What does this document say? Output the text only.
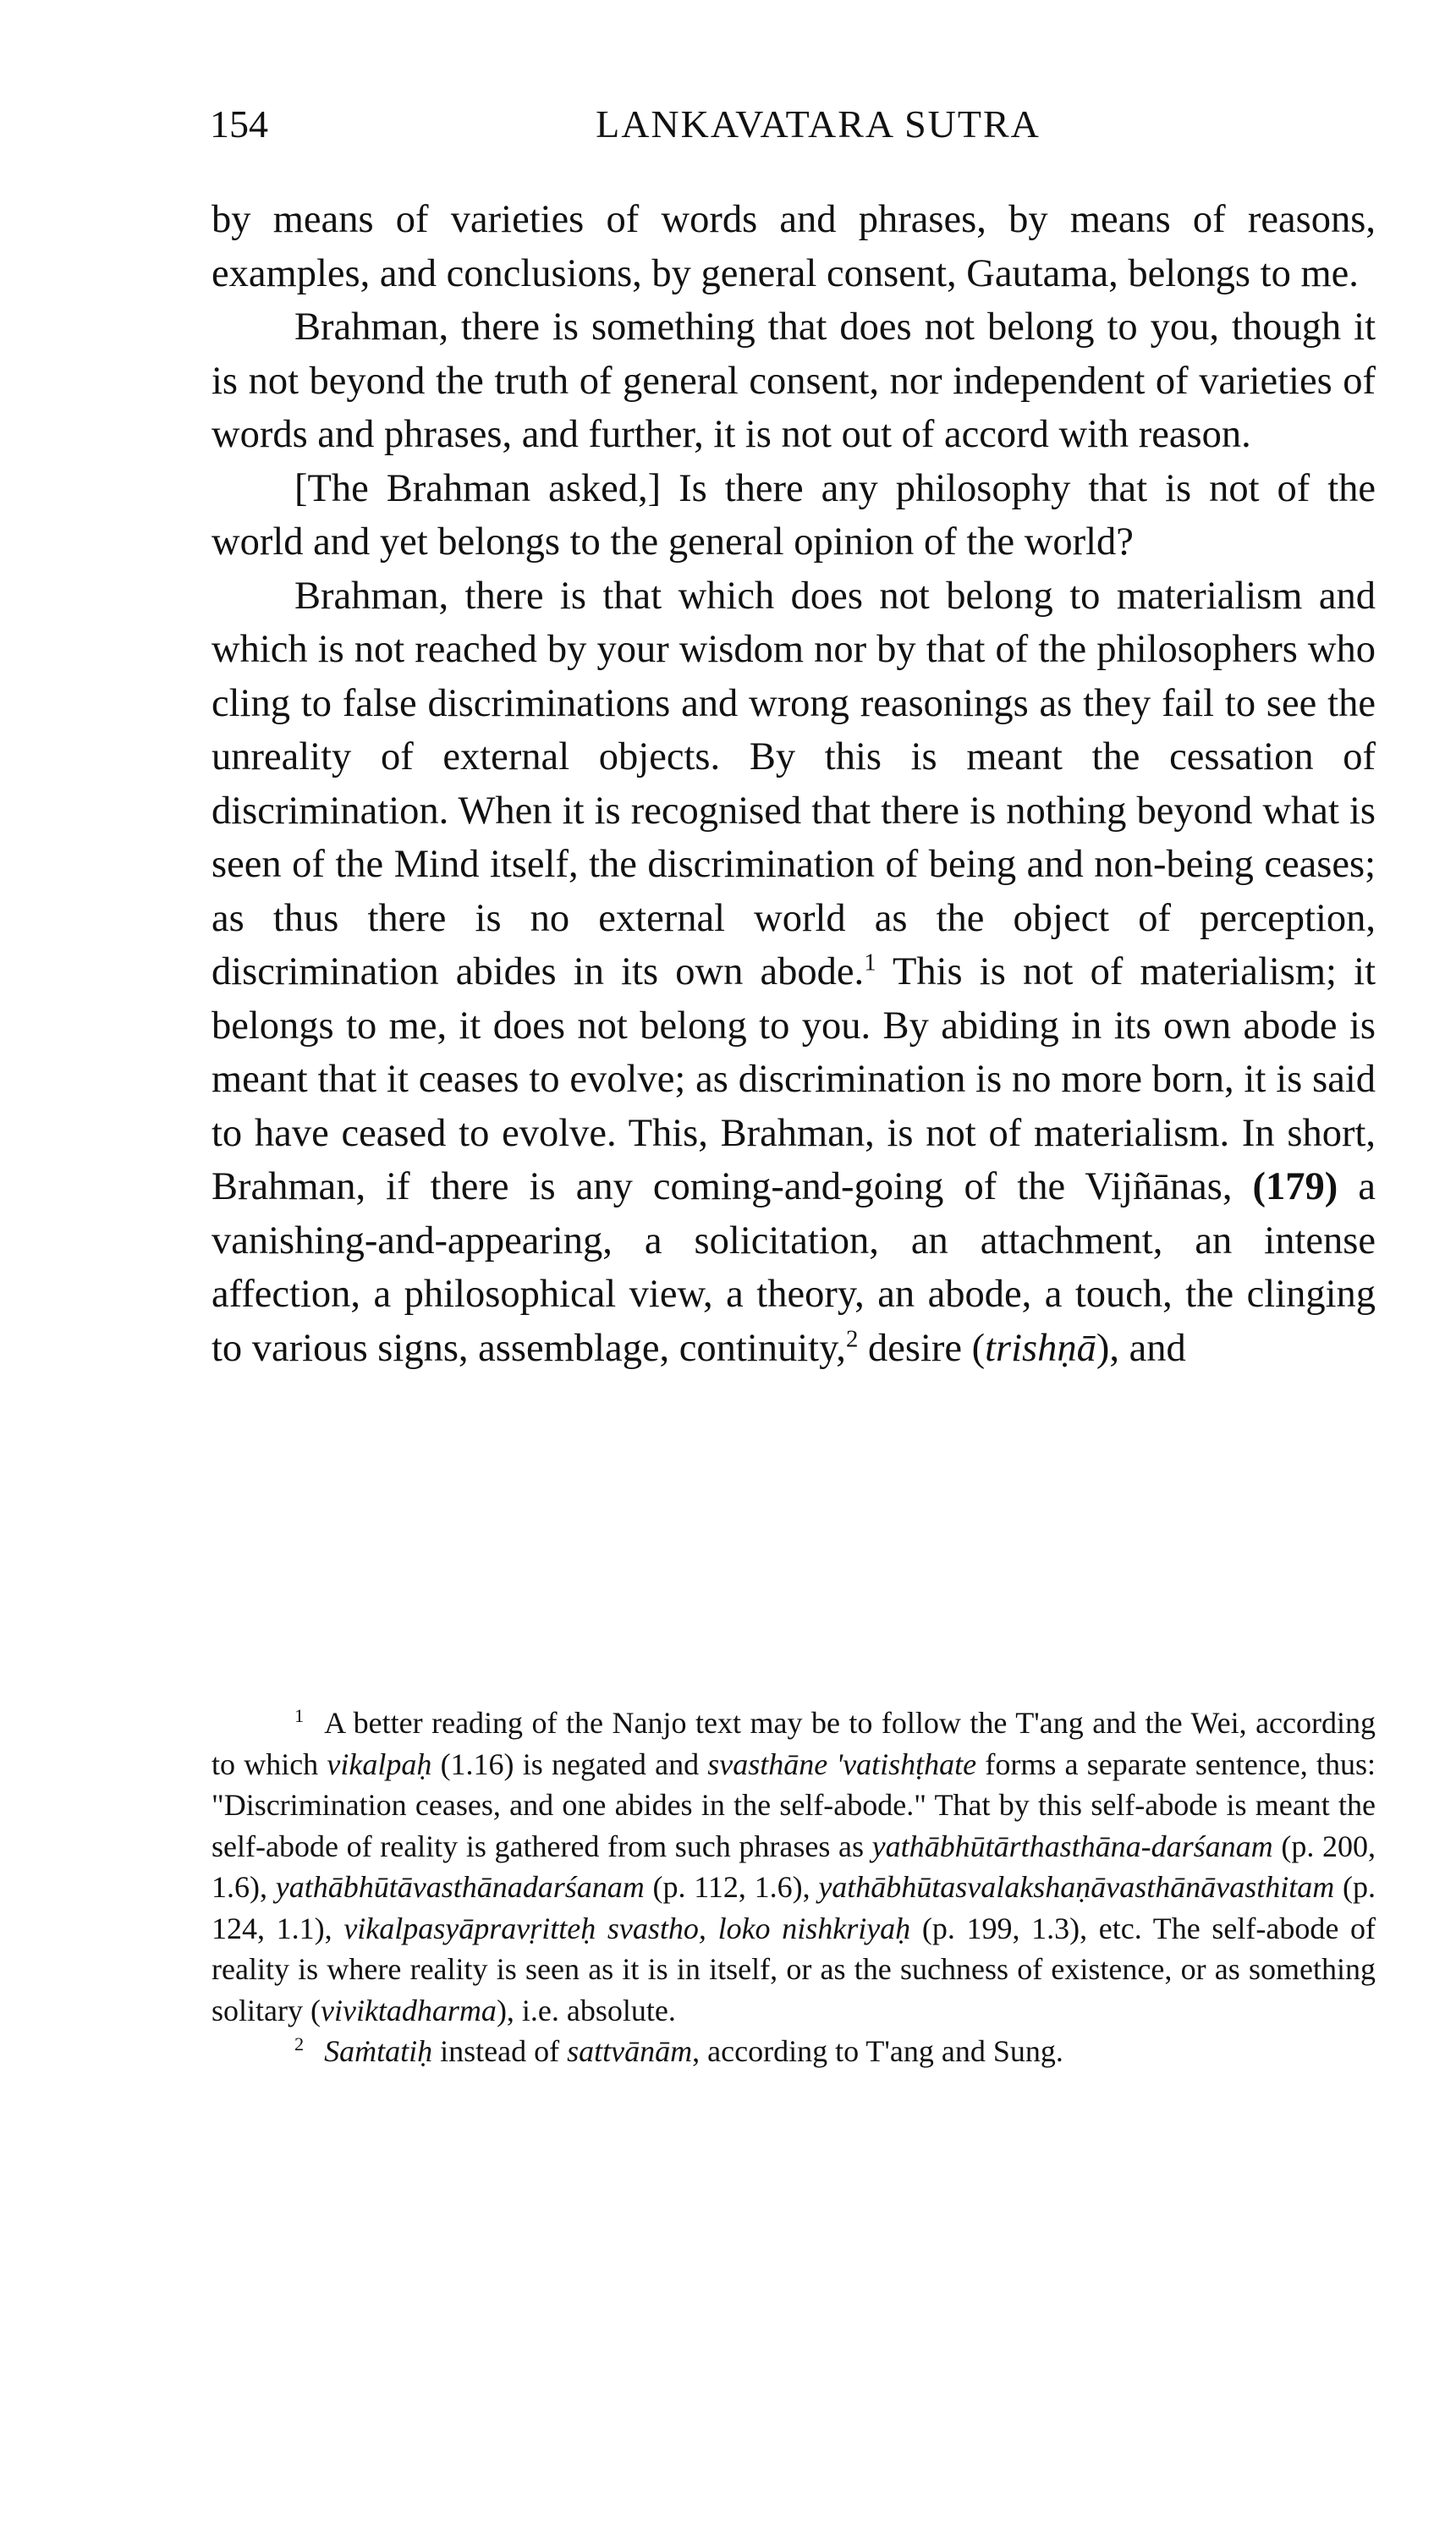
154	LANKAVATARA SUTRA

by means of varieties of words and phrases, by means of reasons, examples, and conclusions, by general consent, Gautama, belongs to me.

Brahman, there is something that does not belong to you, though it is not beyond the truth of general consent, nor independent of varieties of words and phrases, and further, it is not out of accord with reason.

[The Brahman asked,] Is there any philosophy that is not of the world and yet belongs to the general opinion of the world?

Brahman, there is that which does not belong to materialism and which is not reached by your wisdom nor by that of the philosophers who cling to false discriminations and wrong reasonings as they fail to see the unreality of external objects. By this is meant the cessation of discrimination. When it is recognised that there is nothing beyond what is seen of the Mind itself, the discrimination of being and non-being ceases; as thus there is no external world as the object of perception, discrimination abides in its own abode.$^1$ This is not of materialism; it belongs to me, it does not belong to you. By abiding in its own abode is meant that it ceases to evolve; as discrimination is no more born, it is said to have ceased to evolve. This, Brahman, is not of materialism. In short, Brahman, if there is any coming-and-going of the Vijñānas, (179) a vanishing-and-appearing, a solicitation, an attachment, an intense affection, a philosophical view, a theory, an abode, a touch, the clinging to various signs, assemblage, continuity,$^2$ desire (trishṇā), and

$^1$ A better reading of the Nanjo text may be to follow the T'ang and the Wei, according to which vikalpaḥ (1.16) is negated and svasthāne 'vatishṭhate forms a separate sentence, thus: "Discrimination ceases, and one abides in the self-abode." That by this self-abode is meant the self-abode of reality is gathered from such phrases as yathābhūtārthasthāna-darśanam (p. 200, 1.6), yathābhūtāvasthānadarśanam (p. 112, 1.6), yathābhūtasvalakshaṇāvasthānāvasthitam (p. 124, 1.1), vikalpasyāpravṛitteḥ svastho, loko nishkriyaḥ (p. 199, 1.3), etc. The self-abode of reality is where reality is seen as it is in itself, or as the suchness of existence, or as something solitary (viviktadharma), i.e. absolute.

$^2$ Saṁtatiḥ instead of sattvānām, according to T'ang and Sung.
